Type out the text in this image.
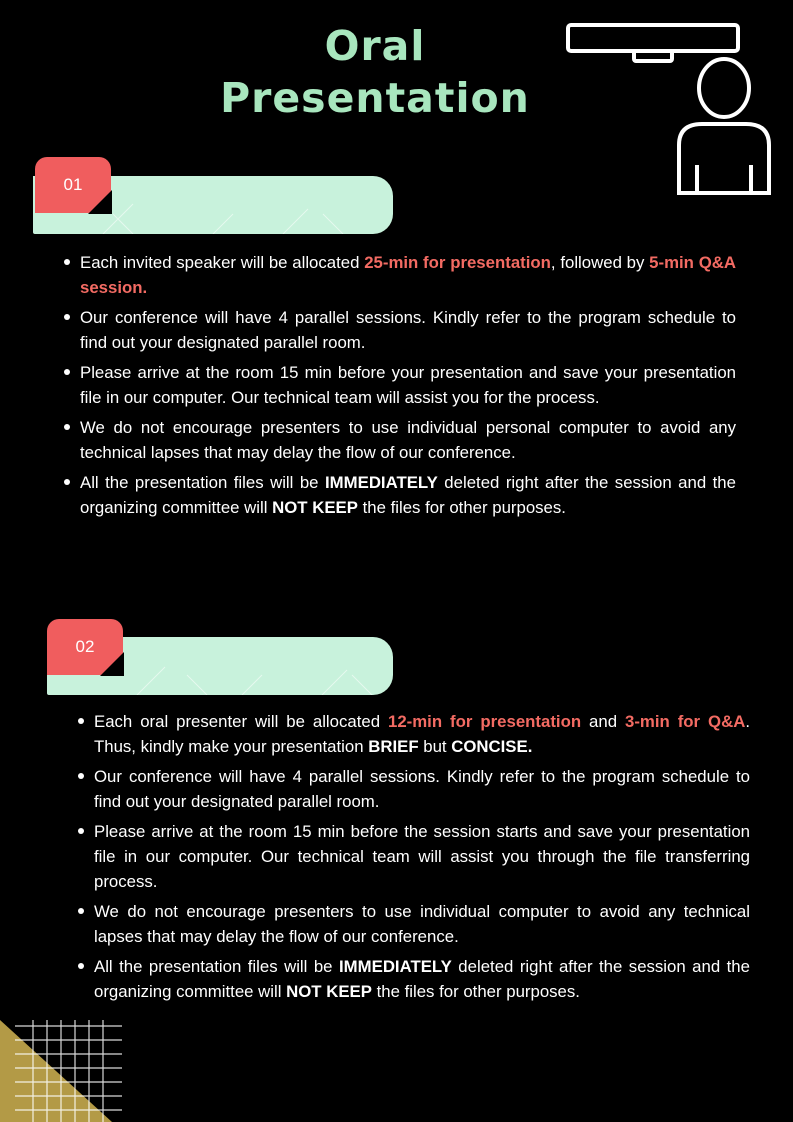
Oral
Presentation
01
Each invited speaker will be allocated 25-min for presentation, followed by 5-min Q&A session.
Our conference will have 4 parallel sessions. Kindly refer to the program schedule to find out your designated parallel room.
Please arrive at the room 15 min before your presentation and save your presentation file in our computer. Our technical team will assist you for the process.
We do not encourage presenters to use individual personal computer to avoid any technical lapses that may delay the flow of our conference.
All the presentation files will be IMMEDIATELY deleted right after the session and the organizing committee will NOT KEEP the files for other purposes.
02
Each oral presenter will be allocated 12-min for presentation and 3-min for Q&A. Thus, kindly make your presentation BRIEF but CONCISE.
Our conference will have 4 parallel sessions. Kindly refer to the program schedule to find out your designated parallel room.
Please arrive at the room 15 min before the session starts and save your presentation file in our computer. Our technical team will assist you through the file transferring process.
We do not encourage presenters to use individual computer to avoid any technical lapses that may delay the flow of our conference.
All the presentation files will be IMMEDIATELY deleted right after the session and the organizing committee will NOT KEEP the files for other purposes.
